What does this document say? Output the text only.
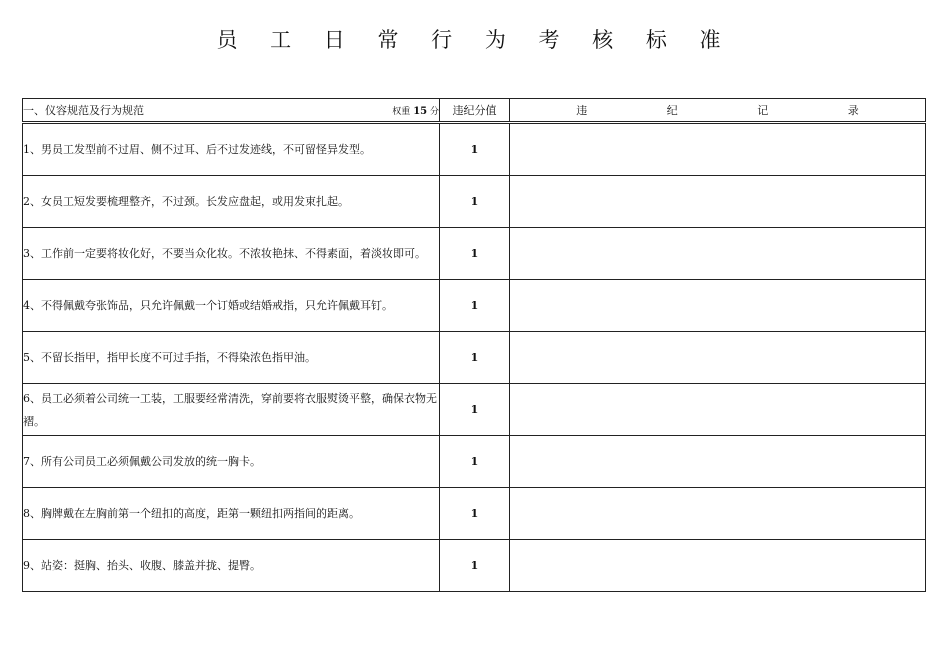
员 工 日 常 行 为 考 核 标 准
一、仪容规范及行为规范 权重 15 分	违纪分值	违 纪 记 录
1、男员工发型前不过眉、侧不过耳、后不过发迹线，不可留怪异发型。	1	
2、女员工短发要梳理整齐，不过颈。长发应盘起，或用发束扎起。	1	
3、工作前一定要将妆化好，不要当众化妆。不浓妆艳抹、不得素面，着淡妆即可。	1	
4、不得佩戴夸张饰品，只允许佩戴一个订婚或结婚戒指，只允许佩戴耳钉。	1	
5、不留长指甲，指甲长度不可过手指，不得染浓色指甲油。	1	
6、员工必须着公司统一工装，工服要经常清洗，穿前要将衣服熨烫平整，确保衣物无褶。	1	
7、所有公司员工必须佩戴公司发放的统一胸卡。	1	
8、胸牌戴在左胸前第一个纽扣的高度，距第一颗纽扣两指间的距离。	1	
9、站姿：挺胸、抬头、收腹、膝盖并拢、提臀。	1	
